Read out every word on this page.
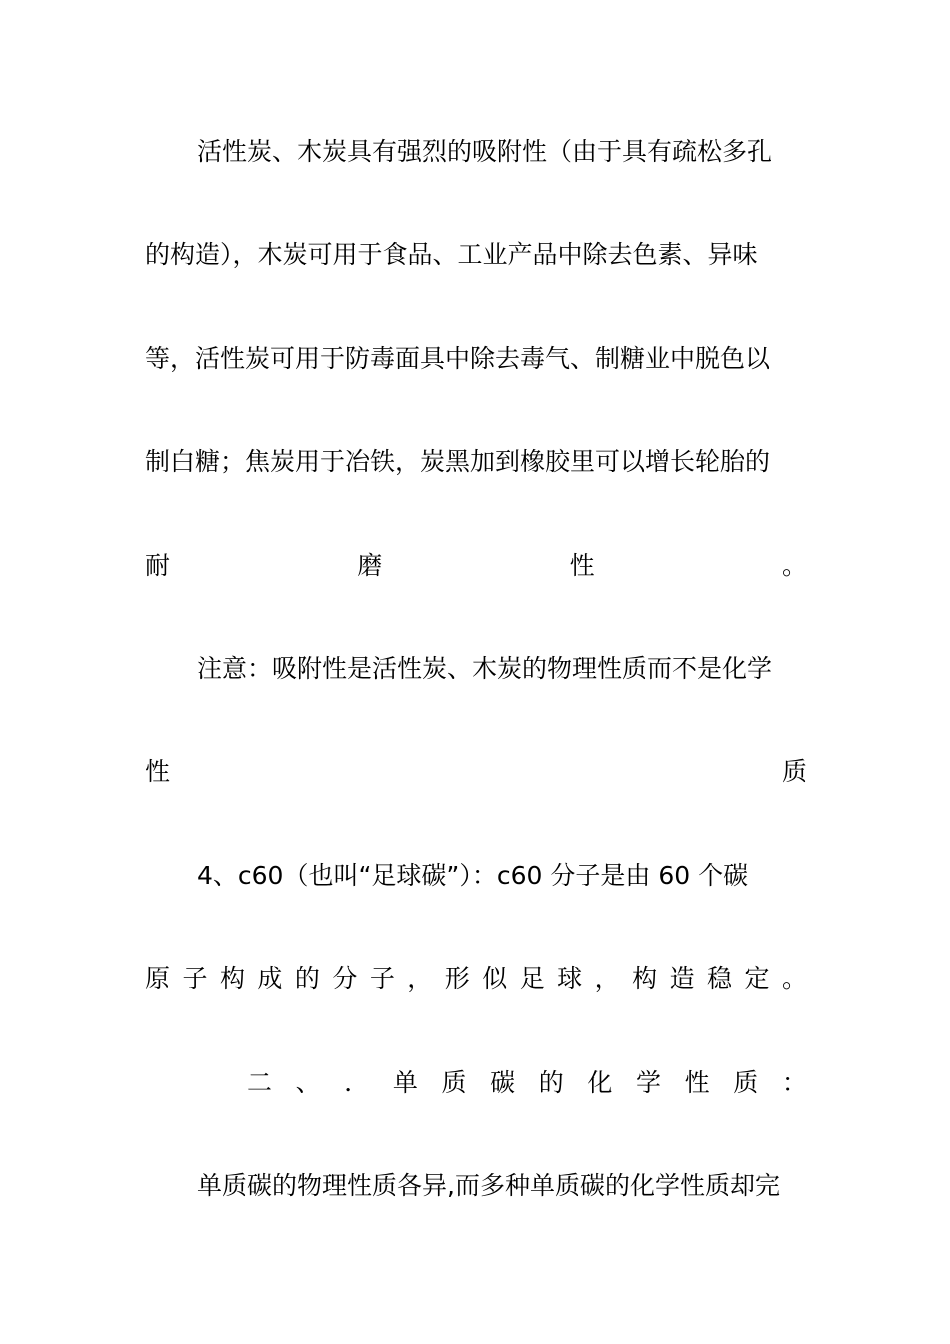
活性炭、木炭具有强烈的吸附性（由于具有疏松多孔
的构造），木炭可用于食品、工业产品中除去色素、异味
等，活性炭可用于防毒面具中除去毒气、制糖业中脱色以
制白糖；焦炭用于冶铁，炭黑加到橡胶里可以增长轮胎的
耐	磨	性	。
注意：吸附性是活性炭、木炭的物理性质而不是化学
性	质
4、c60（也叫“足球碳”）：c60 分子是由 60 个碳
原 子 构 成 的 分 子 ， 形 似 足 球 ， 构 造 稳 定 。
二 、 ． 单 质 碳 的 化 学 性 质 ：
单质碳的物理性质各异,而多种单质碳的化学性质却完
